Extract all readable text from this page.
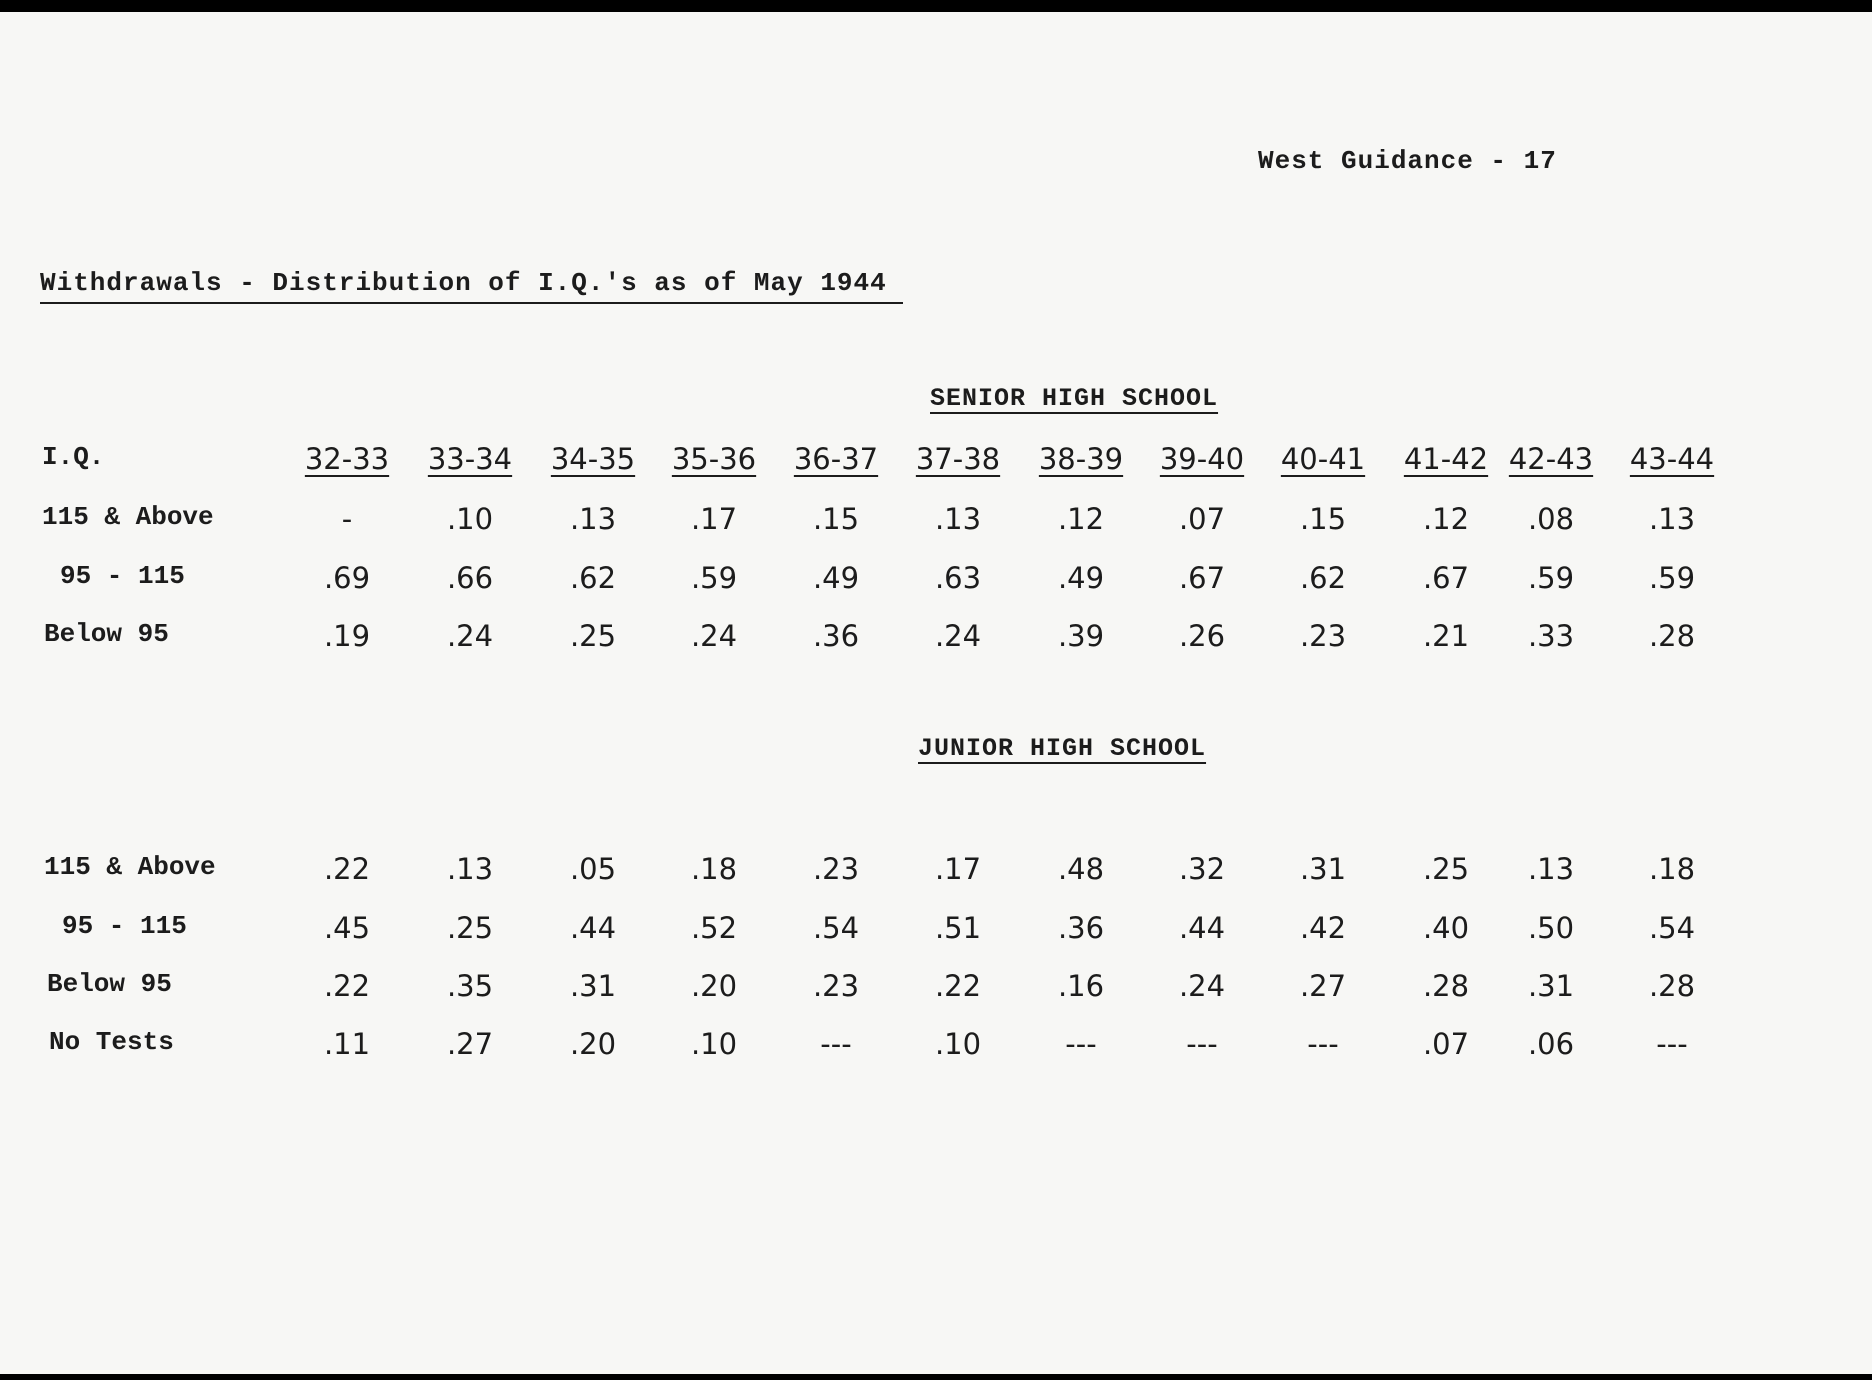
West Guidance - 17
Withdrawals - Distribution of I.Q.'s as of May 1944
SENIOR HIGH SCHOOL
JUNIOR HIGH SCHOOL
I.Q.	32-33 33-34 34-35 35-36 36-37 37-38 38-39 39-40 40-41 41-42 42-43 43-44
115 & Above	-	.10	.13	.17	.15	.13	.12	.07	.15	.12	.08	.13
95 - 115	.69	.66	.62	.59	.49	.63	.49	.67	.62	.67	.59	.59
Below 95	.19	.24	.25	.24	.36	.24	.39	.26	.23	.21	.33	.28
115 & Above	.22	.13	.05	.18	.23	.17	.48	.32	.31	.25	.13	.18
95 - 115	.45	.25	.44	.52	.54	.51	.36	.44	.42	.40	.50	.54
Below 95	.22	.35	.31	.20	.23	.22	.16	.24	.27	.28	.31	.28
No Tests	.11	.27	.20	.10	---	.10	---	---	---	.07	.06	---
